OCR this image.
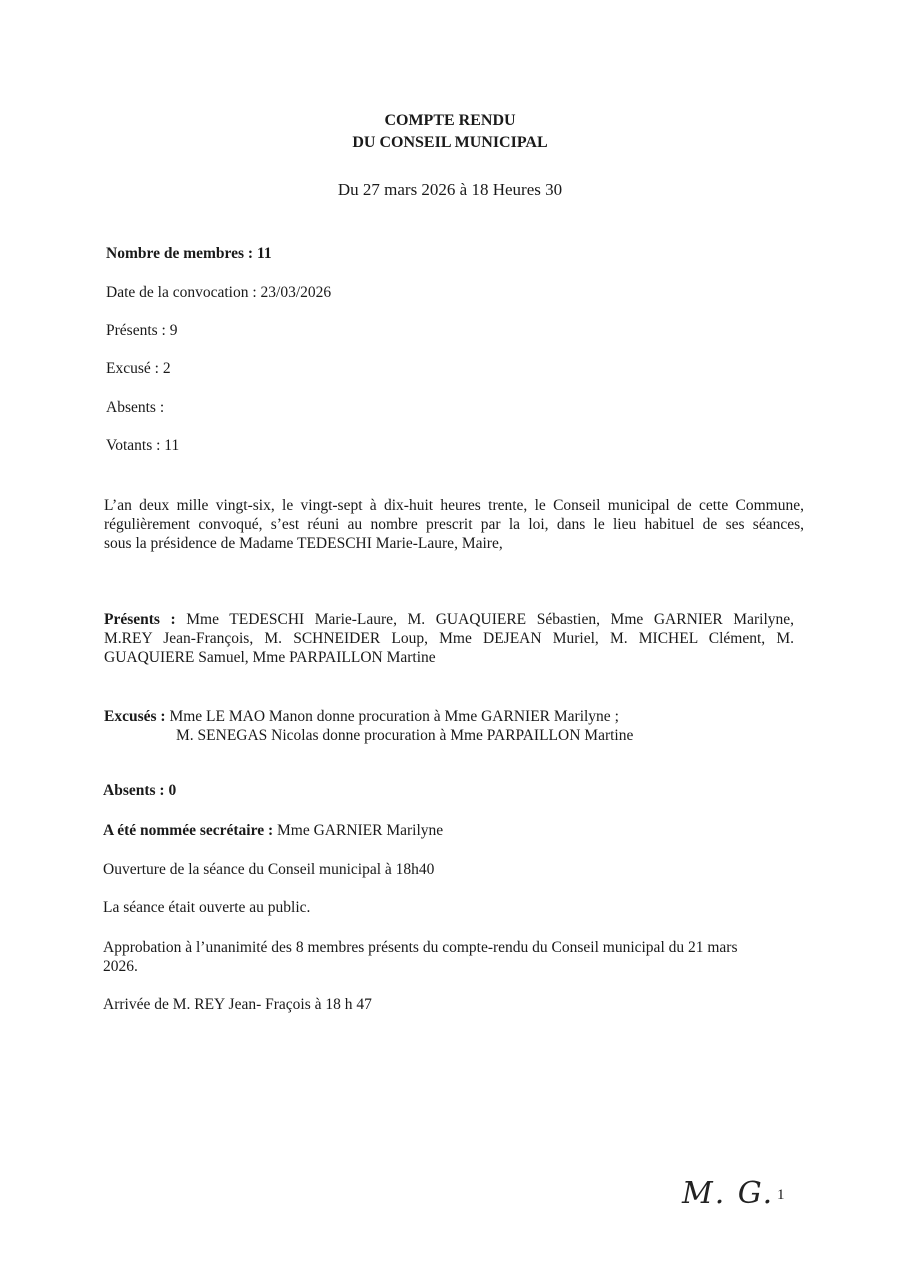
COMPTE RENDU
DU CONSEIL MUNICIPAL
Du 27 mars 2026 à 18 Heures 30
Nombre de membres : 11
Date de la convocation : 23/03/2026
Présents : 9
Excusé : 2
Absents :
Votants : 11
L’an deux mille vingt-six, le vingt-sept à dix-huit heures trente, le Conseil municipal de cette Commune,
régulièrement convoqué, s’est réuni au nombre prescrit par la loi, dans le lieu habituel de ses séances,
sous la présidence de Madame TEDESCHI Marie-Laure, Maire,
Présents : Mme TEDESCHI Marie-Laure, M. GUAQUIERE Sébastien, Mme GARNIER Marilyne,
M.REY Jean-François, M. SCHNEIDER Loup, Mme DEJEAN Muriel, M. MICHEL Clément, M.
GUAQUIERE Samuel, Mme PARPAILLON Martine
Excusés : Mme LE MAO Manon donne procuration à Mme GARNIER Marilyne ;
M. SENEGAS Nicolas donne procuration à Mme PARPAILLON Martine
Absents : 0
A été nommée secrétaire : Mme GARNIER Marilyne
Ouverture de la séance du Conseil municipal à 18h40
La séance était ouverte au public.
Approbation à l’unanimité des 8 membres présents du compte-rendu du Conseil municipal du 21 mars
2026.
Arrivée de M. REY Jean- Fraçois à 18 h 47
M. G. 1
